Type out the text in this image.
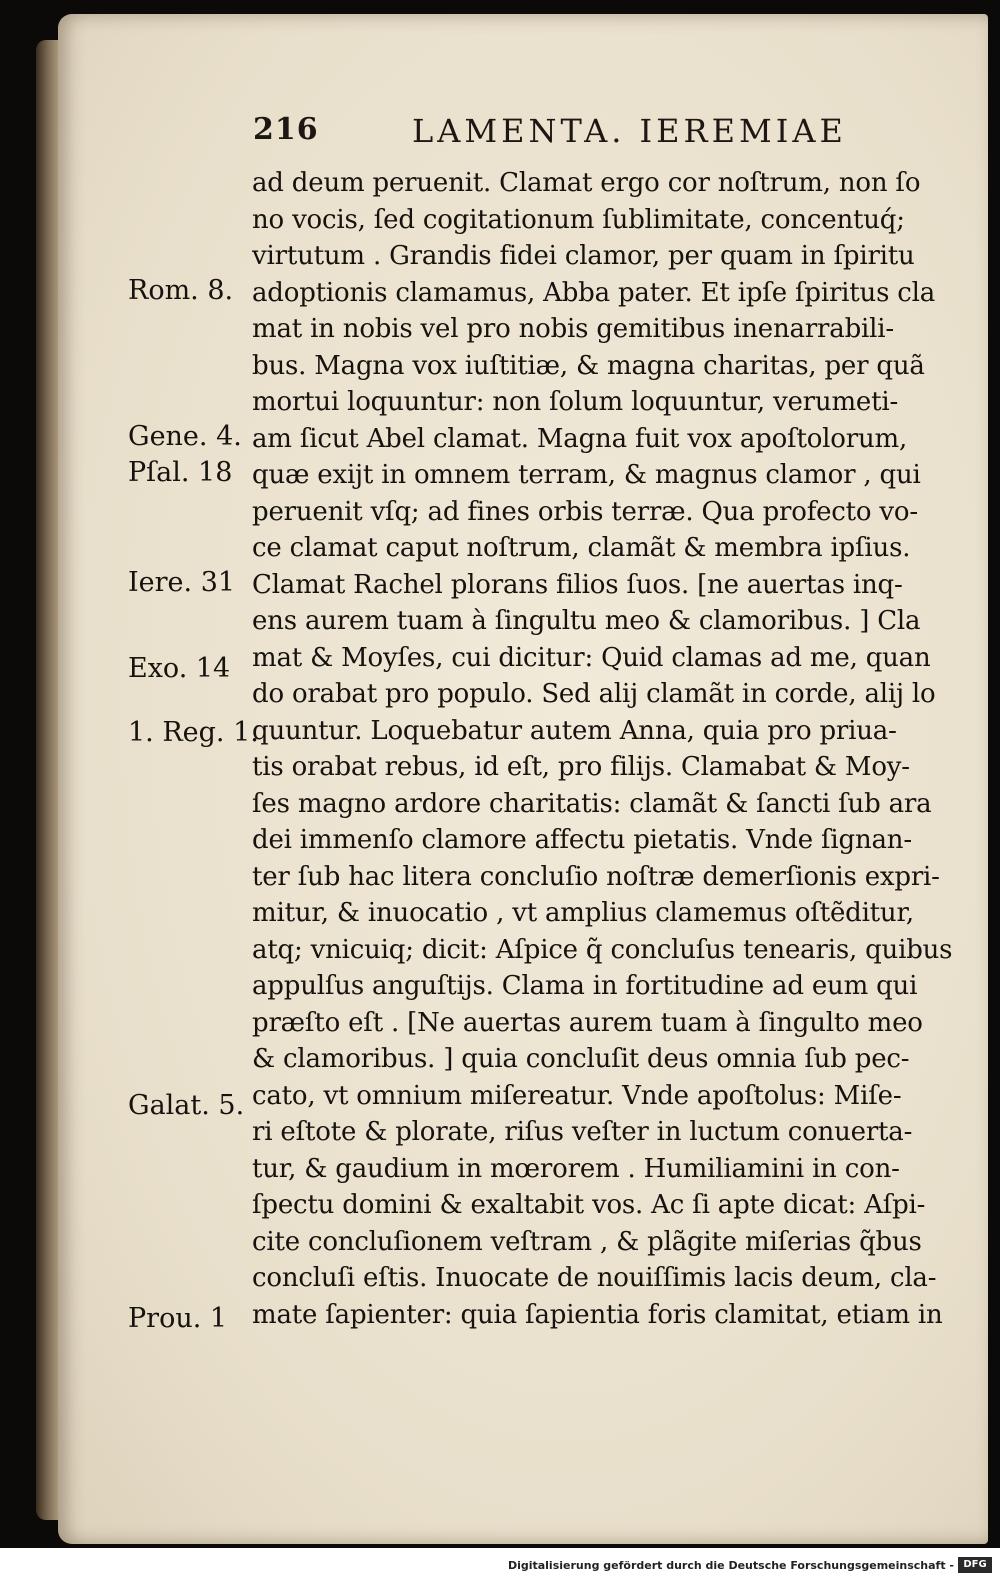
216	LAMENTA. IEREMIAE
ad deum peruenit. Clamat ergo cor noſtrum, non ſo
no vocis, ſed cogitationum ſublimitate, concentuq́;
virtutum . Grandis fidei clamor, per quam in ſpiritu
adoptionis clamamus, Abba pater. Et ipſe ſpiritus cla
mat in nobis vel pro nobis gemitibus inenarrabili-
bus. Magna vox iuſtitiæ, & magna charitas, per quã
mortui loquuntur: non ſolum loquuntur, verumeti-
am ſicut Abel clamat. Magna fuit vox apoſtolorum,
quæ exijt in omnem terram, & magnus clamor , qui
peruenit vſq; ad fines orbis terræ. Qua profecto vo-
ce clamat caput noſtrum, clamãt & membra ipſius.
Clamat Rachel plorans filios ſuos. [ne auertas inq-
ens aurem tuam à ſingultu meo & clamoribus. ] Cla
mat & Moyſes, cui dicitur: Quid clamas ad me, quan
do orabat pro populo. Sed alij clamãt in corde, alij lo
quuntur. Loquebatur autem Anna, quia pro priua-
tis orabat rebus, id eſt, pro filijs. Clamabat & Moy-
ſes magno ardore charitatis: clamãt & ſancti ſub ara
dei immenſo clamore affectu pietatis. Vnde ſignan-
ter ſub hac litera concluſio noſtræ demerſionis expri-
mitur, & inuocatio , vt amplius clamemus oſtẽditur,
atq; vnicuiq; dicit: Aſpice q̃ concluſus tenearis, quibus
appulſus anguſtijs. Clama in fortitudine ad eum qui
præſto eſt . [Ne auertas aurem tuam à ſingulto meo
& clamoribus. ] quia concluſit deus omnia ſub pec-
cato, vt omnium miſereatur. Vnde apoſtolus: Miſe-
ri eſtote & plorate, riſus veſter in luctum conuerta-
tur, & gaudium in mœrorem . Humiliamini in con-
ſpectu domini & exaltabit vos. Ac ſi apte dicat: Aſpi-
cite concluſionem veſtram , & plãgite miſerias q̃bus
concluſi eſtis. Inuocate de nouiſſimis lacis deum, cla-
mate ſapienter: quia ſapientia foris clamitat, etiam in
Rom. 8.
Gene. 4.
Pſal. 18
Iere. 31
Exo. 14
1. Reg. 1.
Galat. 5.
Prou. 1
Digitalisierung gefördert durch die Deutsche Forschungsgemeinschaft - DFG
